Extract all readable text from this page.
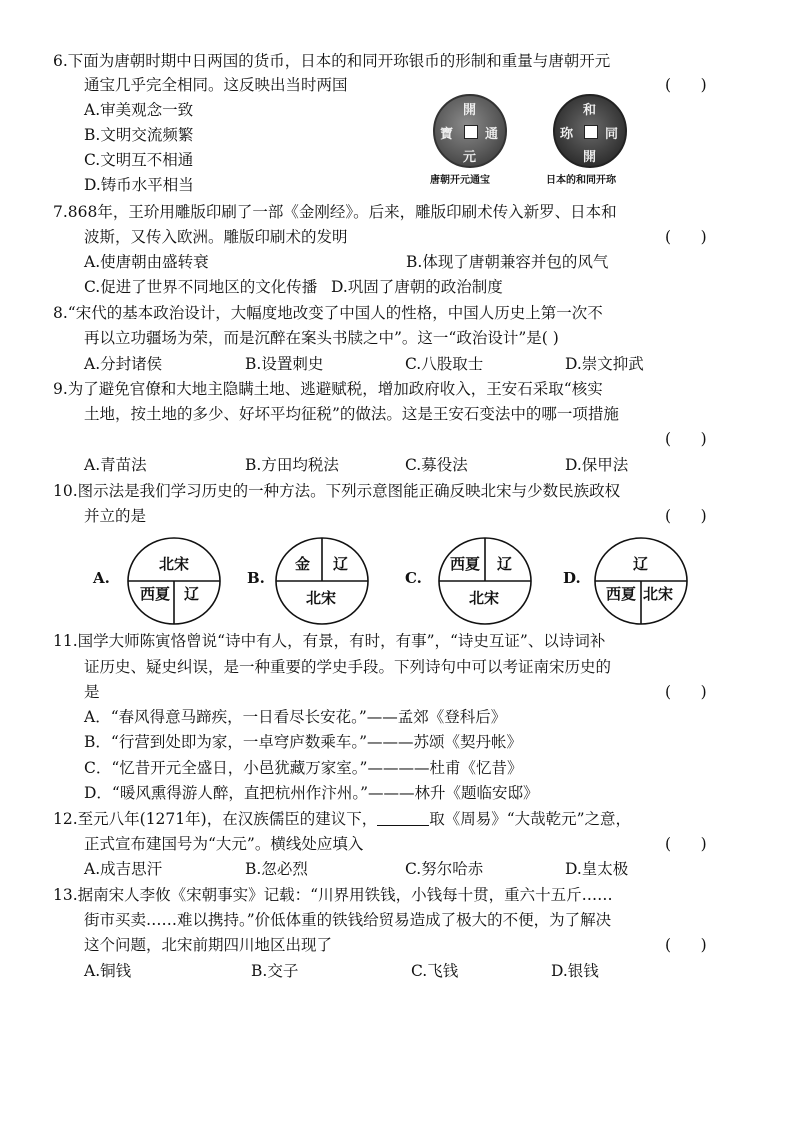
6.下面为唐朝时期中日两国的货币，日本的和同开珎银币的形制和重量与唐朝开元
通宝几乎完全相同。这反映出当时两国	(      )
A.审美观念一致
B.文明交流频繁
C.文明互不相通
D.铸币水平相当
開
元
通
寶
唐朝开元通宝
和
開
同
珎
日本的和同开珎
7.868年，王玠用雕版印刷了一部《金刚经》。后来，雕版印刷术传入新罗、日本和
波斯，又传入欧洲。雕版印刷术的发明	(      )
A.使唐朝由盛转衰	B.体现了唐朝兼容并包的风气
C.促进了世界不同地区的文化传播 D.巩固了唐朝的政治制度
8.“宋代的基本政治设计，大幅度地改变了中国人的性格，中国人历史上第一次不
再以立功疆场为荣，而是沉醉在案头书牍之中”。这一“政治设计”是( )
A.分封诸侯	B.设置刺史	C.八股取士	D.崇文抑武
9.为了避免官僚和大地主隐瞒土地、逃避赋税，增加政府收入，王安石采取“核实
土地，按土地的多少、好坏平均征税”的做法。这是王安石变法中的哪一项措施
(      )
A.青苗法	B.方田均税法	C.募役法	D.保甲法
10.图示法是我们学习历史的一种方法。下列示意图能正确反映北宋与少数民族政权
并立的是	(      )
A.
北宋
西夏 辽
B.
金 辽
北宋
C.
西夏 辽
北宋
D.
辽
西夏 北宋
11.国学大师陈寅恪曾说“诗中有人，有景，有时，有事”，“诗史互证”、以诗词补
证历史、疑史纠误，是一种重要的学史手段。下列诗句中可以考证南宋历史的
是	(      )
A．“春风得意马蹄疾，一日看尽长安花。”——孟郊《登科后》
B．“行营到处即为家，一卓穹庐数乘车。”———苏颂《契丹帐》
C．“忆昔开元全盛日，小邑犹藏万家室。”————杜甫《忆昔》
D．“暖风熏得游人醉，直把杭州作汴州。”———林升《题临安邸》
12.至元八年(1271年)，在汉族儒臣的建议下，	取《周易》“大哉乾元”之意，
正式宣布建国号为“大元”。横线处应填入	(      )
A.成吉思汗	B.忽必烈	C.努尔哈赤	D.皇太极
13.据南宋人李攸《宋朝事实》记载：“川界用铁钱，小钱每十贯，重六十五斤……
街市买卖……难以携持。”价低体重的铁钱给贸易造成了极大的不便，为了解决
这个问题，北宋前期四川地区出现了	(      )
A.铜钱	B.交子	C.飞钱	D.银钱
